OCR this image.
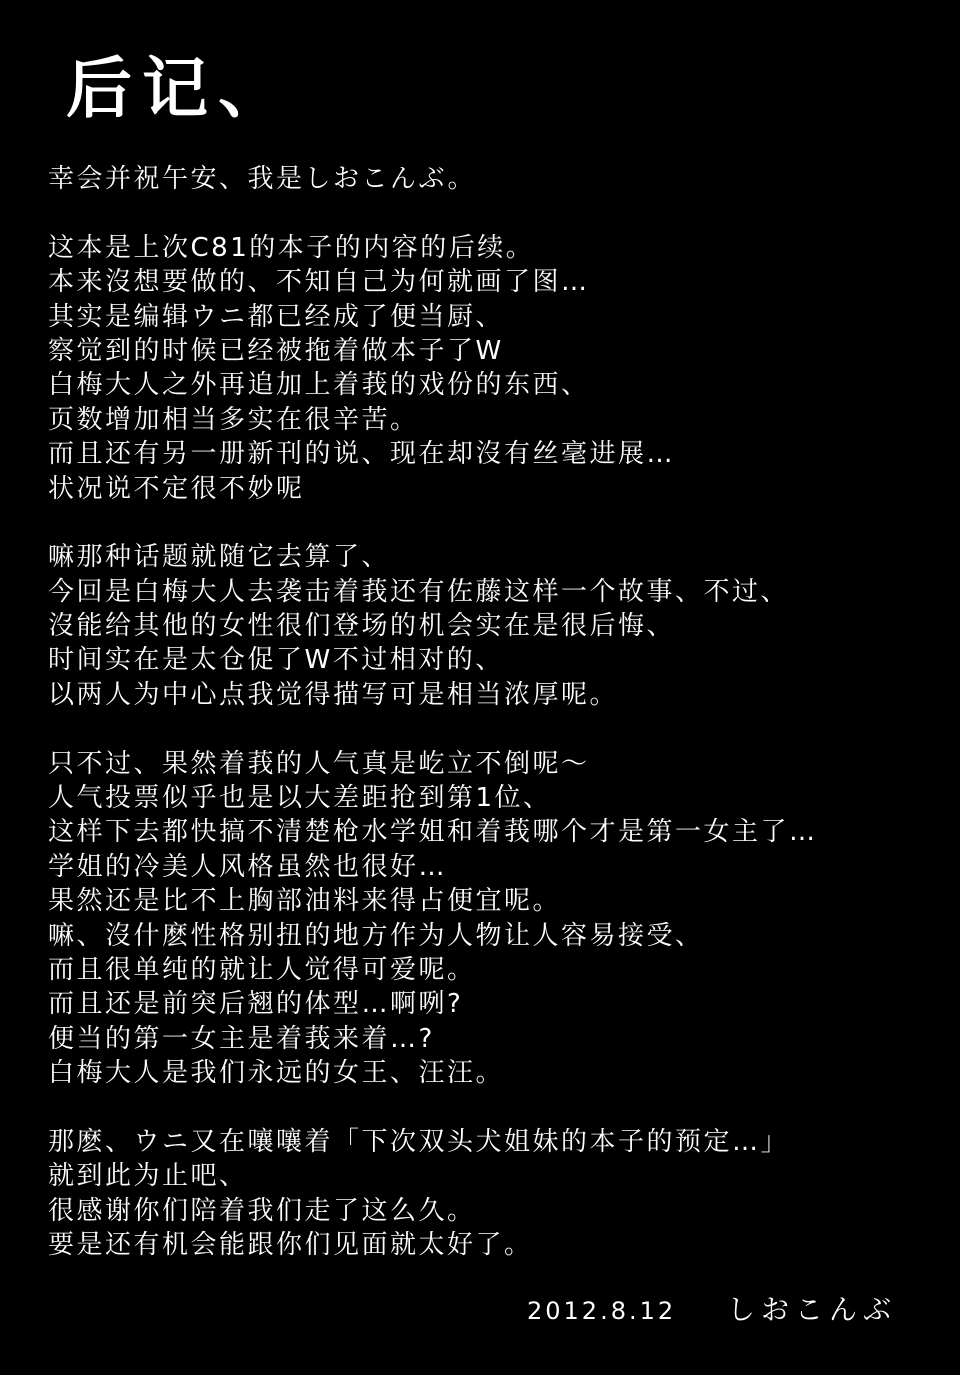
后记、
幸会并祝午安、我是しおこんぶ。
这本是上次C81的本子的内容的后续。
本来沒想要做的、不知自己为何就画了图…
其实是编辑ウニ都已经成了便当厨、
察觉到的时候已经被拖着做本子了W
白梅大人之外再追加上着莪的戏份的东西、
页数增加相当多实在很辛苦。
而且还有另一册新刊的说、现在却沒有丝毫进展…
状况说不定很不妙呢
嘛那种话题就随它去算了、
今回是白梅大人去袭击着莪还有佐藤这样一个故事、不过、
沒能给其他的女性很们登场的机会实在是很后悔、
时间实在是太仓促了W不过相对的、
以两人为中心点我觉得描写可是相当浓厚呢。
只不过、果然着莪的人气真是屹立不倒呢～
人气投票似乎也是以大差距抢到第1位、
这样下去都快搞不清楚枪水学姐和着莪哪个才是第一女主了…
学姐的冷美人风格虽然也很好…
果然还是比不上胸部油料来得占便宜呢。
嘛、沒什麽性格别扭的地方作为人物让人容易接受、
而且很单纯的就让人觉得可爱呢。
而且还是前突后翘的体型…啊咧?
便当的第一女主是着莪来着…?
白梅大人是我们永远的女王、汪汪。
那麽、ウニ又在嚷嚷着「下次双头犬姐妹的本子的预定…」
就到此为止吧、
很感谢你们陪着我们走了这么久。
要是还有机会能跟你们见面就太好了。
2012.8.12 しおこんぶ
